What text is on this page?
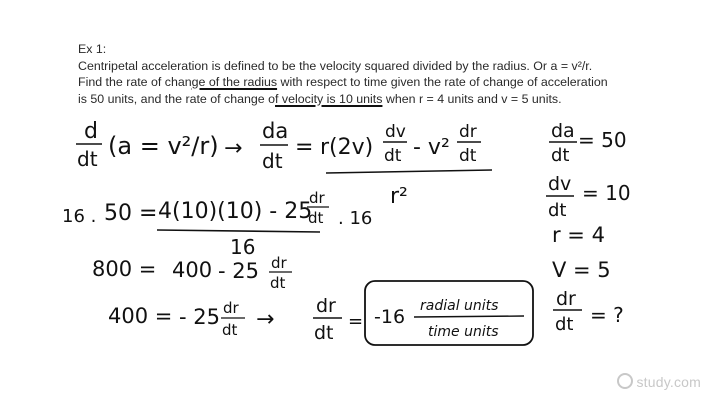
Ex 1:
Centripetal acceleration is defined to be the velocity squared divided by the radius. Or a = v²/r.
Find the rate of change of the radius with respect to time given the rate of change of acceleration
is 50 units, and the rate of change of velocity is 10 units when r = 4 units and v = 5 units.
d
dt (a = v²/r) →
da
dt
= r(2v)
dv
dt - v²
dr
dt
r²
16 . 50 = 4(10)(10) - 25
dr
dt . 16
16
800 = 400 - 25 dr
dt
400 = - 25 dr
dt →
dr
dt
= -16 radial units
time units
da
dt
= 50
dv
dt
= 10
r = 4
V = 5
dr
dt = ?
study.com
